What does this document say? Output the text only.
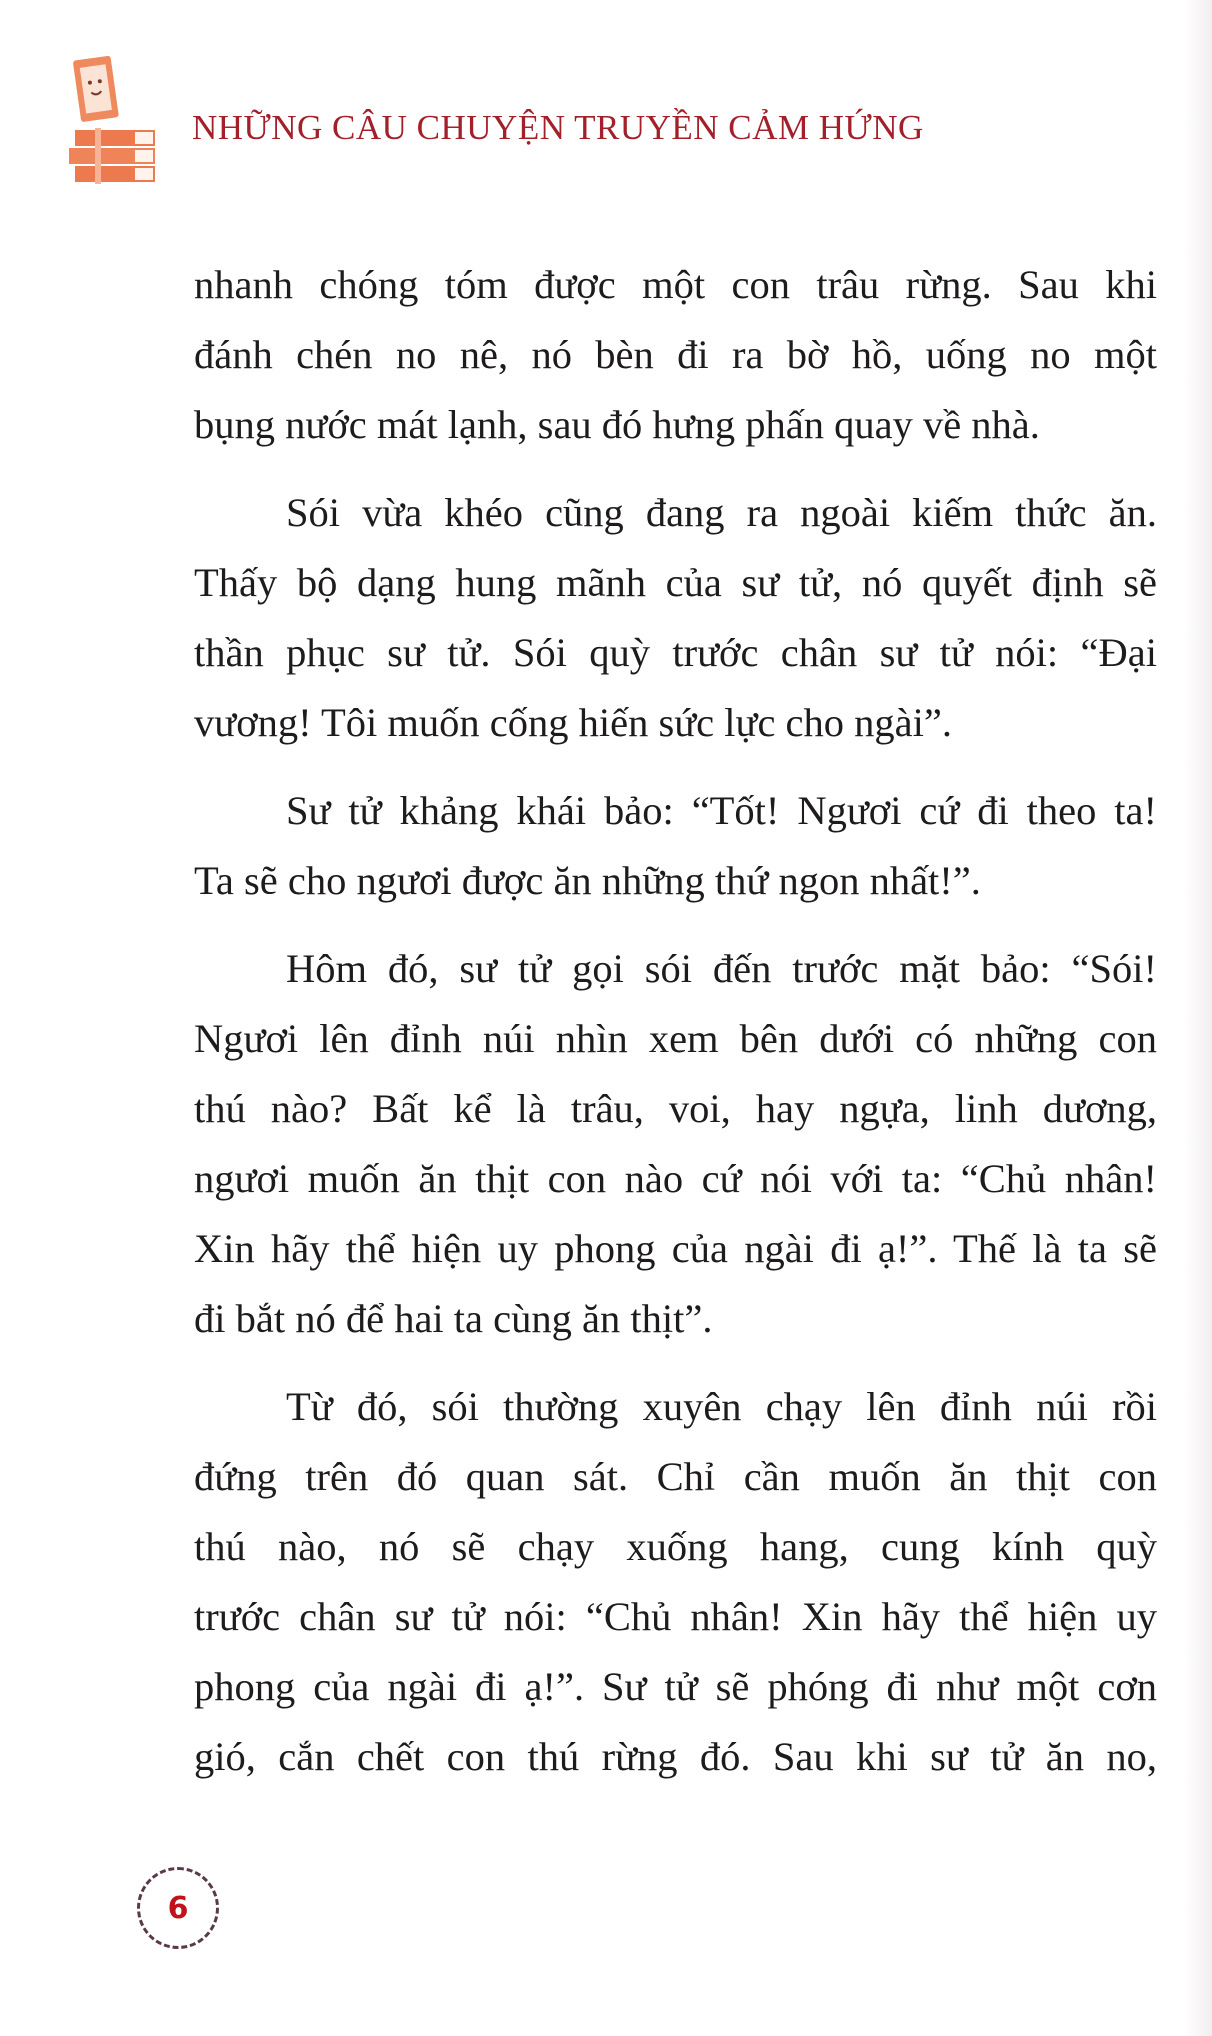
NHỮNG CÂU CHUYỆN TRUYỀN CẢM HỨNG
nhanh chóng tóm được một con trâu rừng. Sau khi
đánh chén no nê, nó bèn đi ra bờ hồ, uống no một
bụng nước mát lạnh, sau đó hưng phấn quay về nhà.
Sói vừa khéo cũng đang ra ngoài kiếm thức ăn.
Thấy bộ dạng hung mãnh của sư tử, nó quyết định sẽ
thần phục sư tử. Sói quỳ trước chân sư tử nói: “Đại
vương! Tôi muốn cống hiến sức lực cho ngài”.
Sư tử khảng khái bảo: “Tốt! Ngươi cứ đi theo ta!
Ta sẽ cho ngươi được ăn những thứ ngon nhất!”.
Hôm đó, sư tử gọi sói đến trước mặt bảo: “Sói!
Ngươi lên đỉnh núi nhìn xem bên dưới có những con
thú nào? Bất kể là trâu, voi, hay ngựa, linh dương,
ngươi muốn ăn thịt con nào cứ nói với ta: “Chủ nhân!
Xin hãy thể hiện uy phong của ngài đi ạ!”. Thế là ta sẽ
đi bắt nó để hai ta cùng ăn thịt”.
Từ đó, sói thường xuyên chạy lên đỉnh núi rồi
đứng trên đó quan sát. Chỉ cần muốn ăn thịt con
thú nào, nó sẽ chạy xuống hang, cung kính quỳ
trước chân sư tử nói: “Chủ nhân! Xin hãy thể hiện uy
phong của ngài đi ạ!”. Sư tử sẽ phóng đi như một cơn
gió, cắn chết con thú rừng đó. Sau khi sư tử ăn no,
6
